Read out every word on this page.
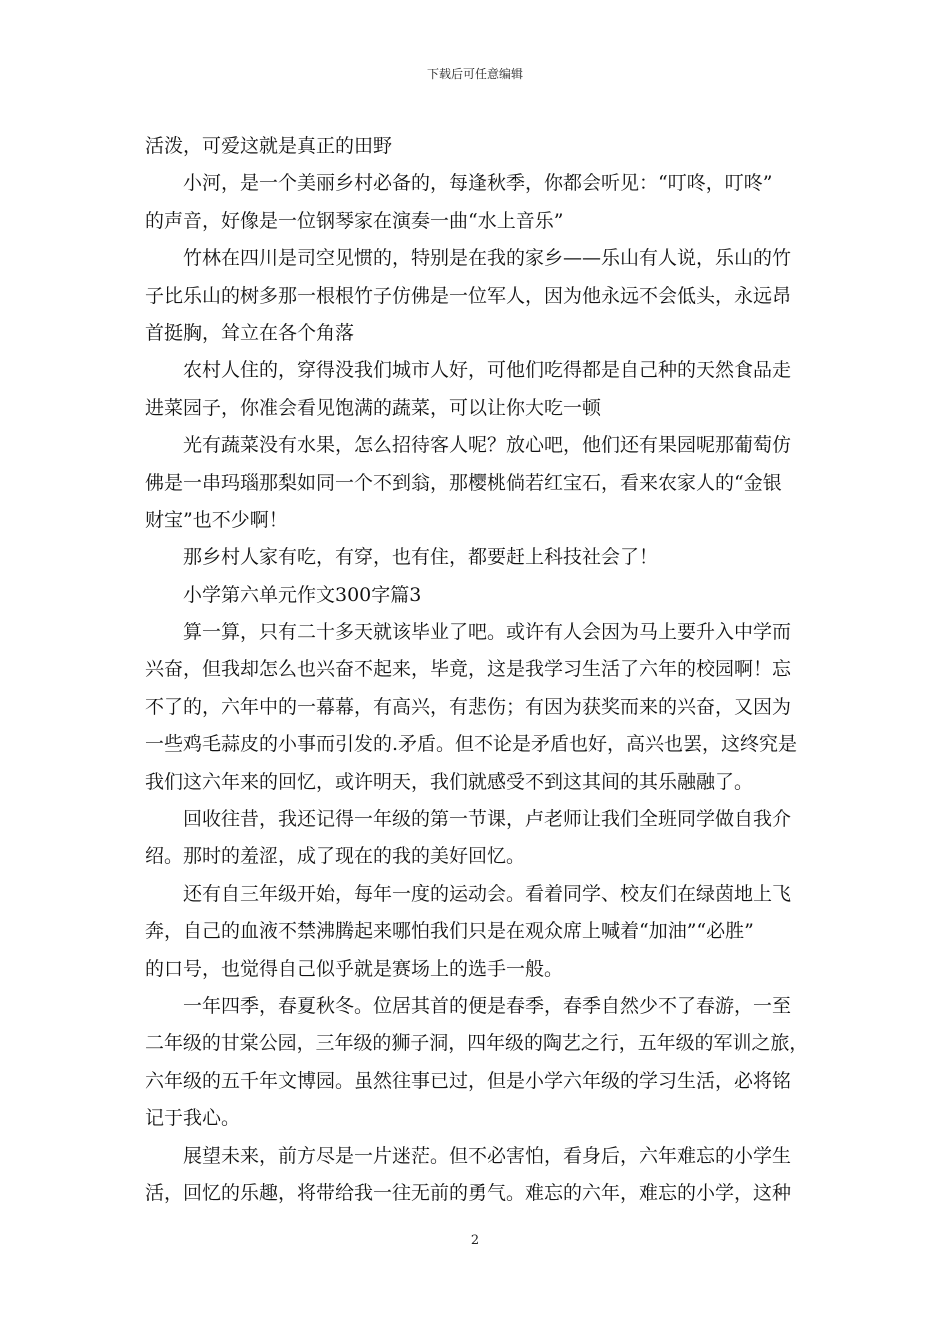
下载后可任意编辑
活泼，可爱这就是真正的田野
小河，是一个美丽乡村必备的，每逢秋季，你都会听见：“叮咚，叮咚”
的声音，好像是一位钢琴家在演奏一曲“水上音乐”
竹林在四川是司空见惯的，特别是在我的家乡——乐山有人说，乐山的竹
子比乐山的树多那一根根竹子仿佛是一位军人，因为他永远不会低头，永远昂
首挺胸，耸立在各个角落
农村人住的，穿得没我们城市人好，可他们吃得都是自己种的天然食品走
进菜园子，你准会看见饱满的蔬菜，可以让你大吃一顿
光有蔬菜没有水果，怎么招待客人呢？放心吧，他们还有果园呢那葡萄仿
佛是一串玛瑙那梨如同一个不到翁，那樱桃倘若红宝石，看来农家人的“金银
财宝”也不少啊！
那乡村人家有吃，有穿，也有住，都要赶上科技社会了！
小学第六单元作文300字篇3
算一算，只有二十多天就该毕业了吧。或许有人会因为马上要升入中学而
兴奋，但我却怎么也兴奋不起来，毕竟，这是我学习生活了六年的校园啊！忘
不了的，六年中的一幕幕，有高兴，有悲伤；有因为获奖而来的兴奋，又因为
一些鸡毛蒜皮的小事而引发的.矛盾。但不论是矛盾也好，高兴也罢，这终究是
我们这六年来的回忆，或许明天，我们就感受不到这其间的其乐融融了。
回收往昔，我还记得一年级的第一节课，卢老师让我们全班同学做自我介
绍。那时的羞涩，成了现在的我的美好回忆。
还有自三年级开始，每年一度的运动会。看着同学、校友们在绿茵地上飞
奔，自己的血液不禁沸腾起来哪怕我们只是在观众席上喊着“加油”“必胜”
的口号，也觉得自己似乎就是赛场上的选手一般。
一年四季，春夏秋冬。位居其首的便是春季，春季自然少不了春游，一至
二年级的甘棠公园，三年级的狮子洞，四年级的陶艺之行，五年级的军训之旅，
六年级的五千年文博园。虽然往事已过，但是小学六年级的学习生活，必将铭
记于我心。
展望未来，前方尽是一片迷茫。但不必害怕，看身后，六年难忘的小学生
活，回忆的乐趣，将带给我一往无前的勇气。难忘的六年，难忘的小学，这种
2
